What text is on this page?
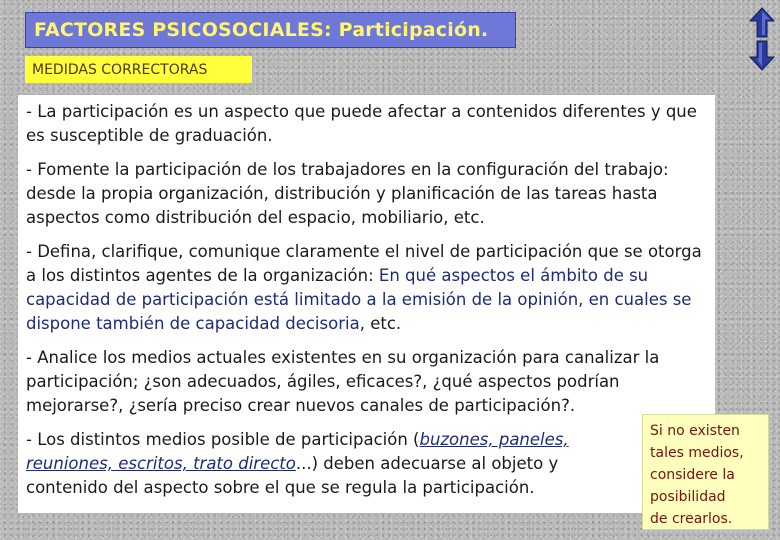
FACTORES PSICOSOCIALES: Participación.
MEDIDAS CORRECTORAS

- La participación es un aspecto que puede afectar a contenidos diferentes y que es susceptible de graduación.

- Fomente la participación de los trabajadores en la configuración del trabajo: desde la propia organización, distribución y planificación de las tareas hasta aspectos como distribución del espacio, mobiliario, etc.

- Defina, clarifique, comunique claramente el nivel de participación que se otorga a los distintos agentes de la organización: En qué aspectos el ámbito de su capacidad de participación está limitado a la emisión de la opinión, en cuales se dispone también de capacidad decisoria, etc.

- Analice los medios actuales existentes en su organización para canalizar la participación; ¿son adecuados, ágiles, eficaces?, ¿qué aspectos podrían mejorarse?, ¿sería preciso crear nuevos canales de participación?.

- Los distintos medios posible de participación (buzones, paneles, reuniones, escritos, trato directo...) deben adecuarse al objeto y contenido del aspecto sobre el que se regula la participación.

Si no existen
tales medios,
considere la
posibilidad
de crearlos.
